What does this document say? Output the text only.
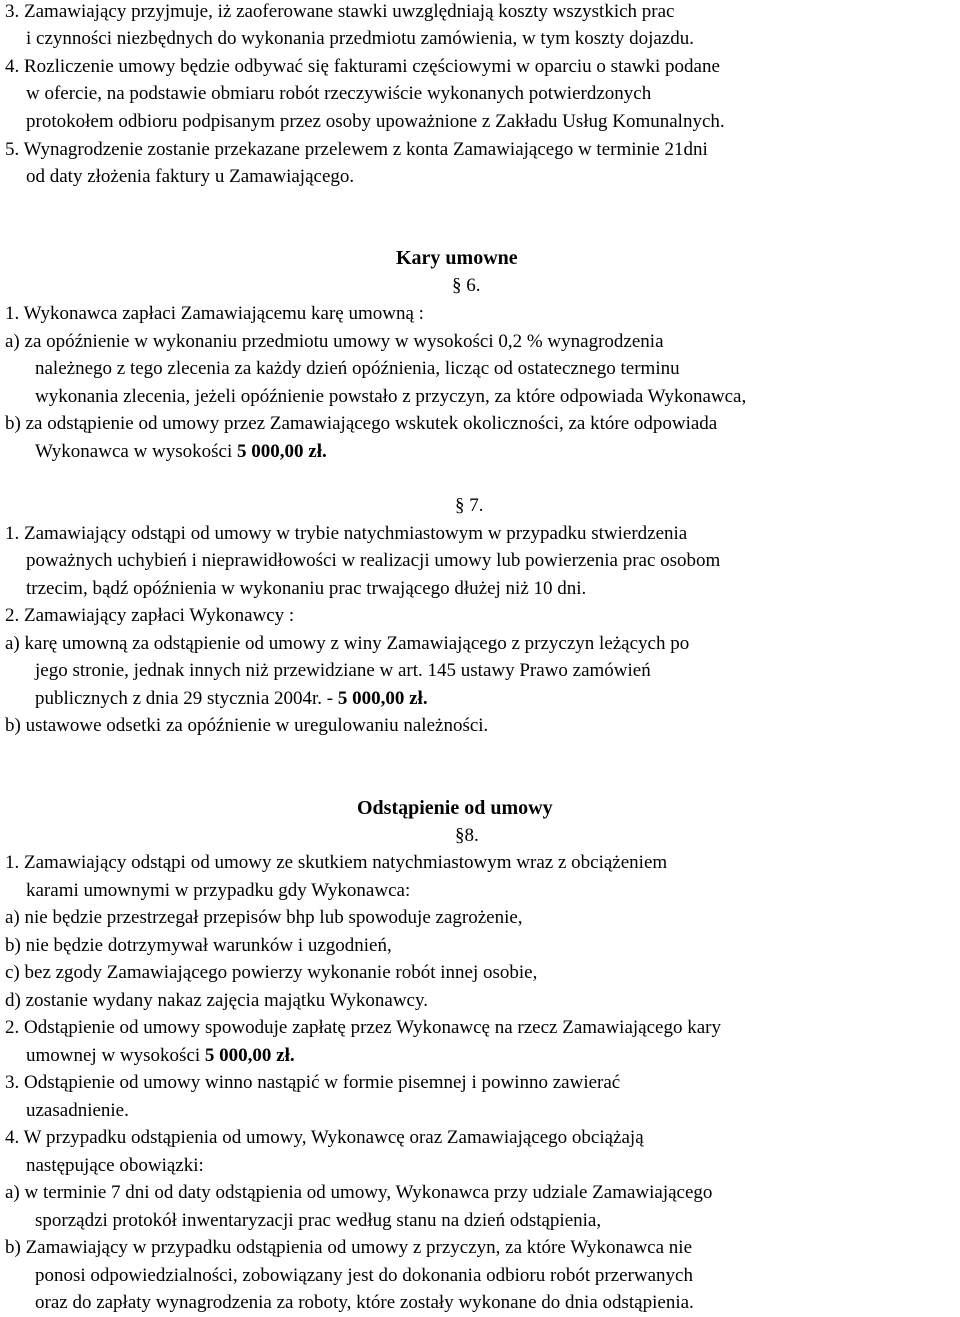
3. Zamawiający przyjmuje, iż zaoferowane stawki uwzględniają koszty wszystkich prac
i czynności niezbędnych do wykonania przedmiotu zamówienia, w tym koszty dojazdu.
4. Rozliczenie umowy będzie odbywać się fakturami częściowymi w oparciu o stawki podane
w ofercie, na podstawie obmiaru robót rzeczywiście wykonanych potwierdzonych
protokołem odbioru podpisanym przez osoby upoważnione z Zakładu Usług Komunalnych.
5. Wynagrodzenie zostanie przekazane przelewem z konta Zamawiającego w terminie 21dni
od daty złożenia faktury u Zamawiającego.
Kary umowne
§ 6.
1. Wykonawca zapłaci Zamawiającemu karę umowną :
a) za opóźnienie w wykonaniu przedmiotu umowy w wysokości 0,2 % wynagrodzenia
należnego z tego zlecenia za każdy dzień opóźnienia, licząc od ostatecznego terminu
wykonania zlecenia, jeżeli opóźnienie powstało z przyczyn, za które odpowiada Wykonawca,
b) za odstąpienie od umowy przez Zamawiającego wskutek okoliczności, za które odpowiada
Wykonawca w wysokości 5 000,00 zł.
§ 7.
1. Zamawiający odstąpi od umowy w trybie natychmiastowym w przypadku stwierdzenia
poważnych uchybień i nieprawidłowości w realizacji umowy lub powierzenia prac osobom
trzecim, bądź opóźnienia w wykonaniu prac trwającego dłużej niż 10 dni.
2. Zamawiający zapłaci Wykonawcy :
a) karę umowną za odstąpienie od umowy z winy Zamawiającego z przyczyn leżących po
jego stronie, jednak innych niż przewidziane w art. 145 ustawy Prawo zamówień
publicznych z dnia 29 stycznia 2004r. - 5 000,00 zł.
b) ustawowe odsetki za opóźnienie w uregulowaniu należności.
Odstąpienie od umowy
§8.
1. Zamawiający odstąpi od umowy ze skutkiem natychmiastowym wraz z obciążeniem
karami umownymi w przypadku gdy Wykonawca:
a) nie będzie przestrzegał przepisów bhp lub spowoduje zagrożenie,
b) nie będzie dotrzymywał warunków i uzgodnień,
c) bez zgody Zamawiającego powierzy wykonanie robót innej osobie,
d) zostanie wydany nakaz zajęcia majątku Wykonawcy.
2. Odstąpienie od umowy spowoduje zapłatę przez Wykonawcę na rzecz Zamawiającego kary
umownej w wysokości 5 000,00 zł.
3. Odstąpienie od umowy winno nastąpić w formie pisemnej i powinno zawierać
uzasadnienie.
4. W przypadku odstąpienia od umowy, Wykonawcę oraz Zamawiającego obciążają
następujące obowiązki:
a) w terminie 7 dni od daty odstąpienia od umowy, Wykonawca przy udziale Zamawiającego
sporządzi protokół inwentaryzacji prac według stanu na dzień odstąpienia,
b) Zamawiający w przypadku odstąpienia od umowy z przyczyn, za które Wykonawca nie
ponosi odpowiedzialności, zobowiązany jest do dokonania odbioru robót przerwanych
oraz do zapłaty wynagrodzenia za roboty, które zostały wykonane do dnia odstąpienia.
